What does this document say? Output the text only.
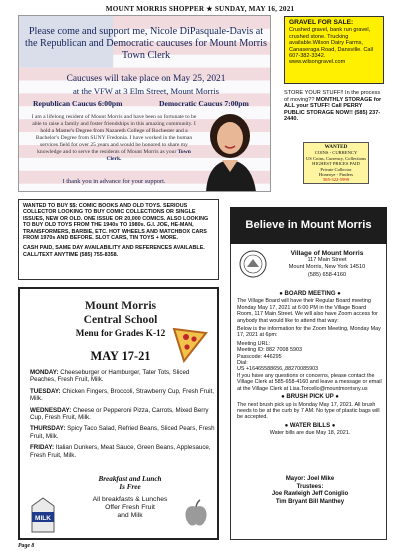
MOUNT MORRIS SHOPPER ★ SUNDAY, MAY 16, 2021
Please come and support me, Nicole DiPasquale-Davis at the Republican and Democratic caucuses for Mount Morris Town Clerk
Caucuses will take place on May 25, 2021
at the VFW at 3 Elm Street, Mount Morris
Republican Caucus 6:00pm	Democratic Caucus 7:00pm
I am a lifelong resident of Mount Morris and have been so fortunate to be able to raise a family and foster friendships in this amazing community. I hold a Master's Degree from Nazareth College of Rochester and a Bachelor's Degree from SUNY Fredonia. I have worked in the human services field for over 25 years and would be honored to share my knowledge and to serve the residents of Mount Morris as your Town Clerk.
I thank you in advance for your support.
GRAVEL FOR SALE:
Crushed gravel, bank run gravel, crushed stone. Trucking available.Wilson Dairy Farms, Canaseraga Road, Dansville. Call 607-382-3342. www.wilsongravel.com
STORE YOUR STUFF!! In the process of moving?? MONTHLY STORAGE for ALL your STUFF! Call PERRY PUBLIC STORAGE NOW!! (585) 237-2440.
WANTED
COINS - CURRENCY
US Coins, Currency, Collections
HIGHEST PRICES PAID
Private Collector
Honeoye - Finders
585-322-5999

WANTED TO BUY $$: COMIC BOOKS AND OLD TOYS. SERIOUS COLLECTOR LOOKING TO BUY COMIC COLLECTIONS OR SINGLE ISSUES, NEW OR OLD. ONE ISSUE OR 20,000 COMICS. ALSO LOOKING TO BUY OLD TOYS FROM THE 1940s TO 1980s. G.I. JOE, HE-MAN, TRANSFORMERS, BARBIE, ETC. HOT WHEELS AND MATCHBOX CARS FROM 1970s AND BEFORE. SLOT CARS, TIN TOYS + MORE.

CASH PAID, SAME DAY AVAILABILITY AND REFERENCES AVAILABLE. CALL/TEXT ANYTIME (585) 755-8358.

Mount Morris
Central School
Menu for Grades K-12
MAY 17-21

MONDAY: Cheeseburger or Hamburger, Tater Tots, Sliced Peaches, Fresh Fruit, Milk.

TUESDAY: Chicken Fingers, Broccoli, Strawberry Cup, Fresh Fruit, Milk.

WEDNESDAY: Cheese or Pepperoni Pizza, Carrots, Mixed Berry Cup, Fresh Fruit, Milk.

THURSDAY: Spicy Taco Salad, Refried Beans, Sliced Pears, Fresh Fruit, Milk.

FRIDAY: Italian Dunkers, Meat Sauce, Green Beans, Applesauce, Fresh Fruit, Milk.

Breakfast and Lunch
Is Free
All breakfasts & Lunches
Offer Fresh Fruit
and Milk
MILK
Believe in Mount Morris
Village of Mount Morris
117 Main Street
Mount Morris, New York 14510
(585) 658-4160
● BOARD MEETING ●

The Village Board will have their Regular Board meeting Monday May 17, 2021 at 6:00 PM in the Village Board Room, 117 Main Street. We will also have Zoom access for anybody that would like to attend that way:

Below is the information for the Zoom Meeting, Monday May 17, 2021 at 6pm:

Meeting URL:
Meeting ID: 882 7008 5903
Passcode: 446295
Dial:
US +16465588656,,88270085903

If you have any questions or concerns, please contact the Village Clerk at 585-658-4160 and leave a message or email at the Village Clerk at Lisa.Torcello@mountmorrisny.us

● BRUSH PICK UP ●

The next brush pick up is Monday May 17, 2021. All brush needs to be at the curb by 7 AM. No type of plastic bags will be accepted.

● WATER BILLS ●

Water bills are due May 18, 2021.

Mayor: Joel Mike
Trustees:
Joe Rawleigh Jeff Coniglio
Tim Bryant Bill Manthey
Page 8
